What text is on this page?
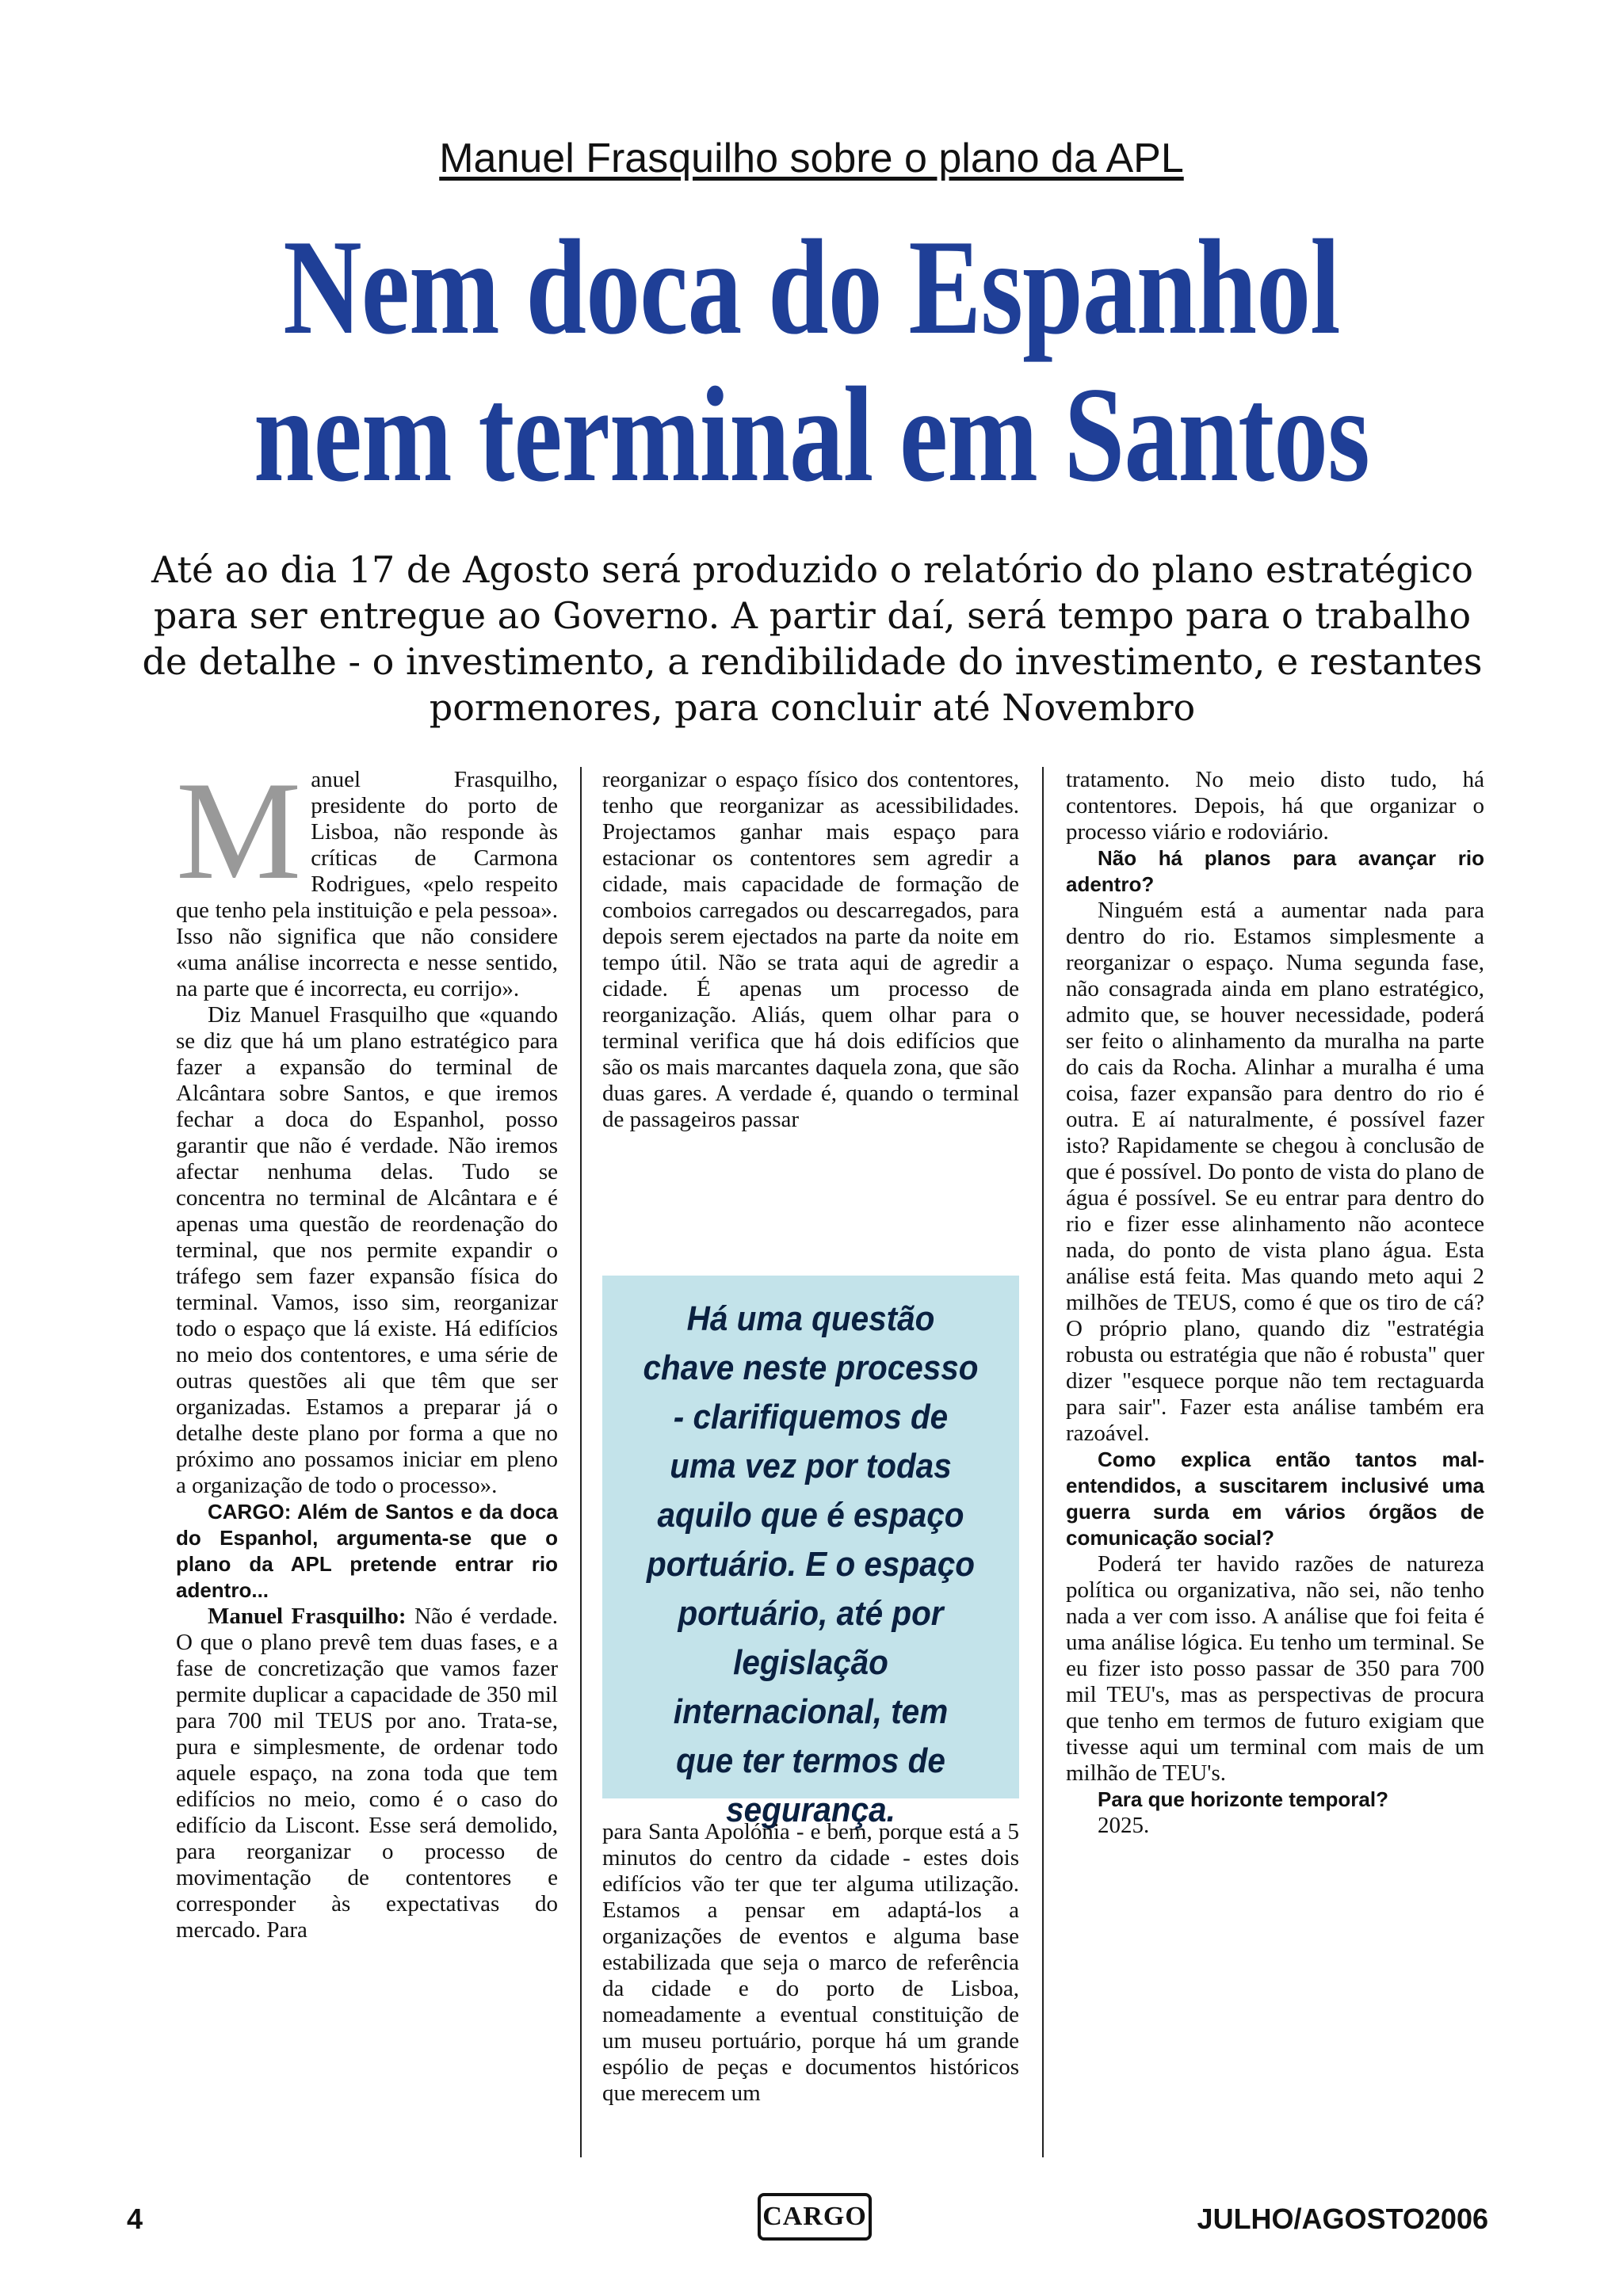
Manuel Frasquilho sobre o plano da APL
Nem doca do Espanhol
nem terminal em Santos
Até ao dia 17 de Agosto será produzido o relatório do plano estratégico para ser entregue ao Governo. A partir daí, será tempo para o trabalho de detalhe - o investimento, a rendibilidade do investimento, e restantes pormenores, para concluir até Novembro
M anuel Frasquilho, presidente do porto de Lisboa, não responde às críticas de Carmona Rodrigues, «pelo respeito que tenho pela instituição e pela pessoa». Isso não significa que não considere «uma análise incorrecta e nesse sentido, na parte que é incorrecta, eu corrijo».

Diz Manuel Frasquilho que «quando se diz que há um plano estratégico para fazer a expansão do terminal de Alcântara sobre Santos, e que iremos fechar a doca do Espanhol, posso garantir que não é verdade. Não iremos afectar nenhuma delas. Tudo se concentra no terminal de Alcântara e é apenas uma questão de reordenação do terminal, que nos permite expandir o tráfego sem fazer expansão física do terminal. Vamos, isso sim, reorganizar todo o espaço que lá existe. Há edifícios no meio dos contentores, e uma série de outras questões ali que têm que ser organizadas. Estamos a preparar já o detalhe deste plano por forma a que no próximo ano possamos iniciar em pleno a organização de todo o processo».

CARGO: Além de Santos e da doca do Espanhol, argumenta-se que o plano da APL pretende entrar rio adentro...

Manuel Frasquilho: Não é verdade. O que o plano prevê tem duas fases, e a fase de concretização que vamos fazer permite duplicar a capacidade de 350 mil para 700 mil TEUS por ano. Trata-se, pura e simplesmente, de ordenar todo aquele espaço, na zona toda que tem edifícios no meio, como é o caso do edifício da Liscont. Esse será demolido, para reorganizar o processo de movimentação de contentores e corresponder às expectativas do mercado. Para

reorganizar o espaço físico dos contentores, tenho que reorganizar as acessibilidades. Projectamos ganhar mais espaço para estacionar os contentores sem agredir a cidade, mais capacidade de formação de comboios carregados ou descarregados, para depois serem ejectados na parte da noite em tempo útil. Não se trata aqui de agredir a cidade. É apenas um processo de reorganização. Aliás, quem olhar para o terminal verifica que há dois edifícios que são os mais marcantes daquela zona, que são duas gares. A verdade é, quando o terminal de passageiros passar

Há uma questão chave neste processo - clarifiquemos de uma vez por todas aquilo que é espaço portuário. E o espaço portuário, até por legislação internacional, tem que ter termos de segurança.

para Santa Apolónia - e bem, porque está a 5 minutos do centro da cidade - estes dois edifícios vão ter que ter alguma utilização. Estamos a pensar em adaptá-los a organizações de eventos e alguma base estabilizada que seja o marco de referência da cidade e do porto de Lisboa, nomeadamente a eventual constituição de um museu portuário, porque há um grande espólio de peças e documentos históricos que merecem um

tratamento. No meio disto tudo, há contentores. Depois, há que organizar o processo viário e rodoviário.

Não há planos para avançar rio adentro?

Ninguém está a aumentar nada para dentro do rio. Estamos simplesmente a reorganizar o espaço. Numa segunda fase, não consagrada ainda em plano estratégico, admito que, se houver necessidade, poderá ser feito o alinhamento da muralha na parte do cais da Rocha. Alinhar a muralha é uma coisa, fazer expansão para dentro do rio é outra. E aí naturalmente, é possível fazer isto? Rapidamente se chegou à conclusão de que é possível. Do ponto de vista do plano de água é possível. Se eu entrar para dentro do rio e fizer esse alinhamento não acontece nada, do ponto de vista plano água. Esta análise está feita. Mas quando meto aqui 2 milhões de TEUS, como é que os tiro de cá? O próprio plano, quando diz "estratégia robusta ou estratégia que não é robusta" quer dizer "esquece porque não tem rectaguarda para sair". Fazer esta análise também era razoável.

Como explica então tantos mal-entendidos, a suscitarem inclusivé uma guerra surda em vários órgãos de comunicação social?

Poderá ter havido razões de natureza política ou organizativa, não sei, não tenho nada a ver com isso. A análise que foi feita é uma análise lógica. Eu tenho um terminal. Se eu fizer isto posso passar de 350 para 700 mil TEU's, mas as perspectivas de procura que tenho em termos de futuro exigiam que tivesse aqui um terminal com mais de um milhão de TEU's.

Para que horizonte temporal?

2025.

4	CARGO	JULHO/AGOSTO2006
